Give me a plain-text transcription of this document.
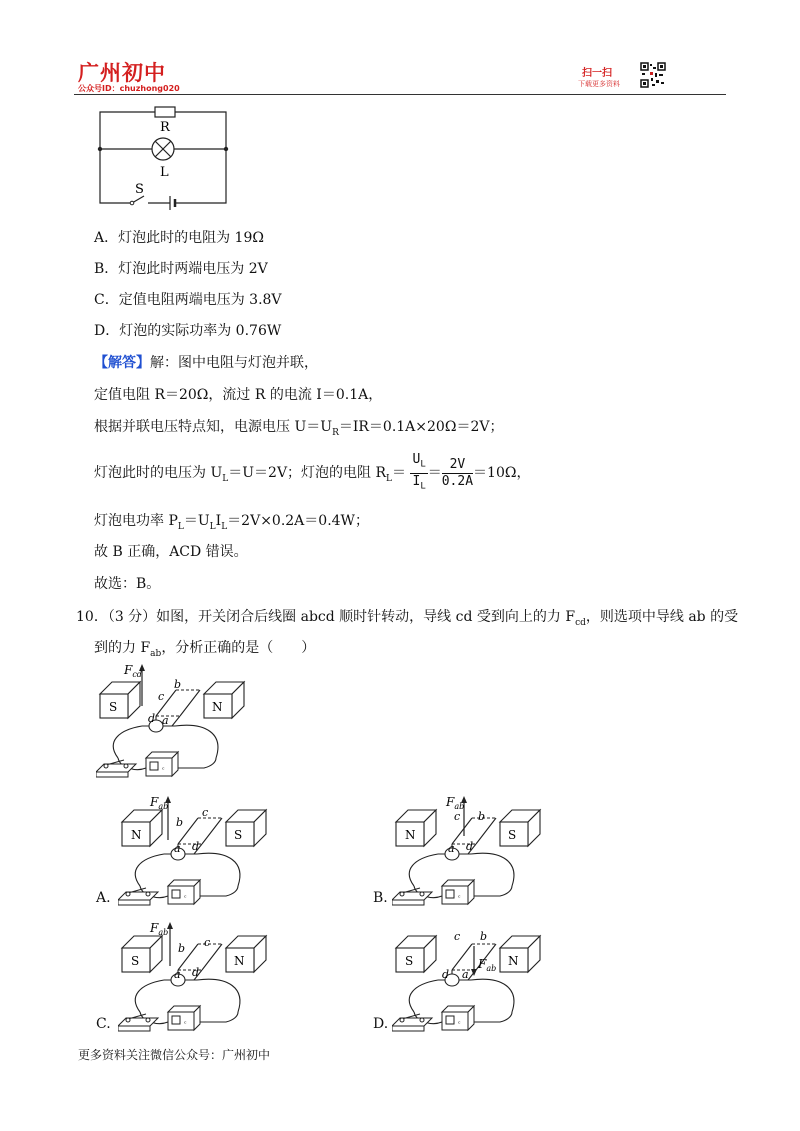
广州初中
公众号ID：chuzhong020
扫一扫
下载更多资料
R
L
S
A．灯泡此时的电阻为 19Ω
B．灯泡此时两端电压为 2V
C．定值电阻两端电压为 3.8V
D．灯泡的实际功率为 0.76W
【解答】解：图中电阻与灯泡并联，
定值电阻 R＝20Ω，流过 R 的电流 I＝0.1A，
根据并联电压特点知，电源电压 $U=U_R=IR=0.1A\times 20\Omega=2V$；
灯泡此时的电压为 $U_L=U=2V$；灯泡的电阻 $R_L= \frac{U_L}{I_L} = \frac{2V}{0.2A} =10\Omega$，
灯泡电功率 $P_L=U_LI_L=2V\times 0.2A=0.4W$；
故 B 正确，ACD 错误。
故选：B。
10．（3 分）如图，开关闭合后线圈 abcd 顺时针转动，导线 cd 受到向上的力 $F_{cd}$，则选项中导线 ab 的受
到的力 $F_{ab}$，分析正确的是（　　）
$F_{cd}$
S	N
b
c
d a
$F_{ab}$
N	S
b
c
a d
A.
$F_{ab}$
N	S
c b
a d
B.
$F_{ab}$
S	N
b c
a d
C.
$F_{ab}$
S	N
c b
d a
D.
更多资料关注微信公众号：广州初中
